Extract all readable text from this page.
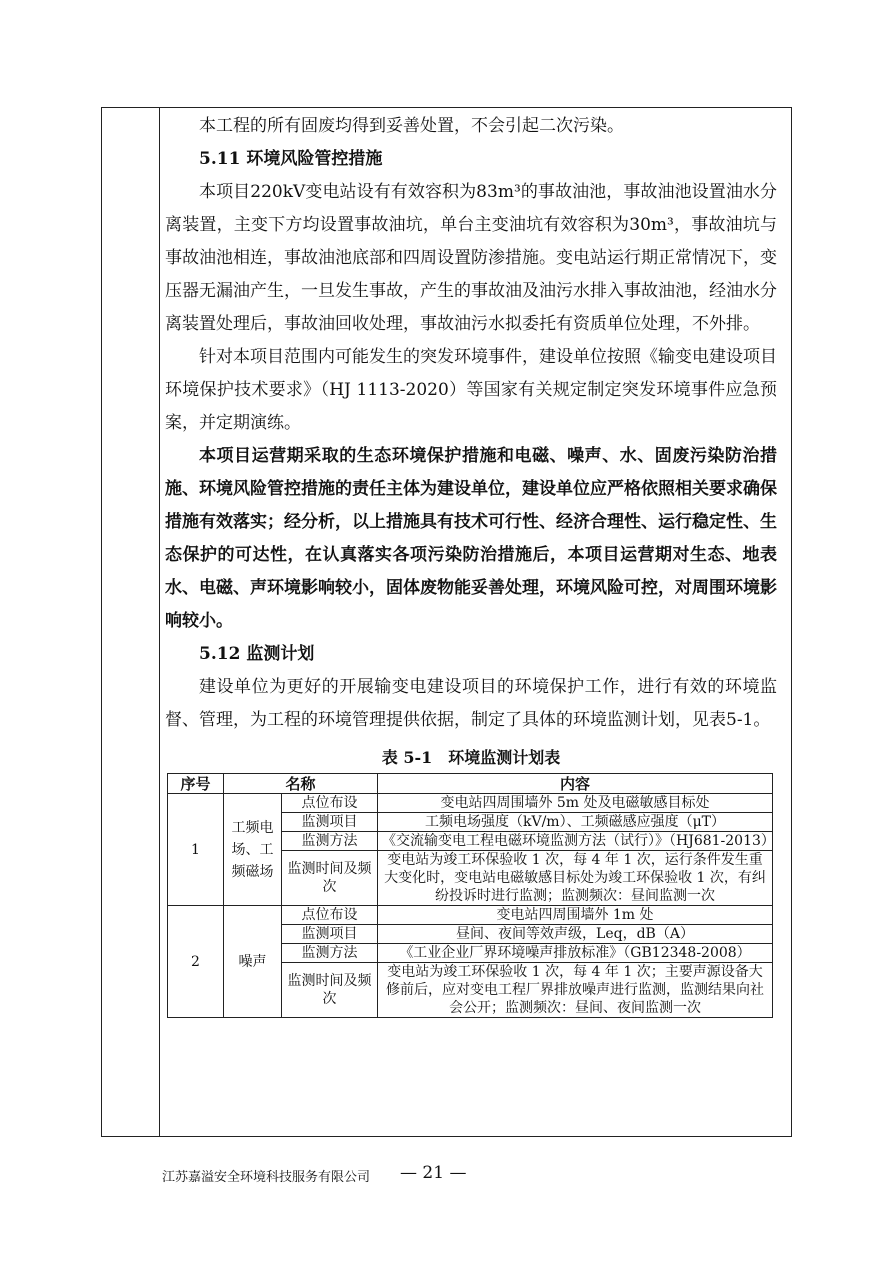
本工程的所有固废均得到妥善处置，不会引起二次污染。

5.11 环境风险管控措施

本项目220kV变电站设有有效容积为83m³的事故油池，事故油池设置油水分离装置，主变下方均设置事故油坑，单台主变油坑有效容积为30m³，事故油坑与事故油池相连，事故油池底部和四周设置防渗措施。变电站运行期正常情况下，变压器无漏油产生，一旦发生事故，产生的事故油及油污水排入事故油池，经油水分离装置处理后，事故油回收处理，事故油污水拟委托有资质单位处理，不外排。

针对本项目范围内可能发生的突发环境事件，建设单位按照《输变电建设项目环境保护技术要求》（HJ 1113-2020）等国家有关规定制定突发环境事件应急预案，并定期演练。

本项目运营期采取的生态环境保护措施和电磁、噪声、水、固废污染防治措施、环境风险管控措施的责任主体为建设单位，建设单位应严格依照相关要求确保措施有效落实；经分析，以上措施具有技术可行性、经济合理性、运行稳定性、生态保护的可达性，在认真落实各项污染防治措施后，本项目运营期对生态、地表水、电磁、声环境影响较小，固体废物能妥善处理，环境风险可控，对周围环境影响较小。

5.12 监测计划

建设单位为更好的开展输变电建设项目的环境保护工作，进行有效的环境监督、管理，为工程的环境管理提供依据，制定了具体的环境监测计划，见表5-1。

表 5-1　环境监测计划表
序号	名称		内容
1	工频电场、工频磁场	点位布设	变电站四周围墙外 5m 处及电磁敏感目标处
		监测项目	工频电场强度（kV/m）、工频磁感应强度（μT）
		监测方法	《交流输变电工程电磁环境监测方法（试行）》（HJ681-2013）
		监测时间及频次	变电站为竣工环保验收 1 次，每 4 年 1 次，运行条件发生重大变化时，变电站电磁敏感目标处为竣工环保验收 1 次，有纠纷投诉时进行监测；监测频次：昼间监测一次
2	噪声	点位布设	变电站四周围墙外 1m 处
		监测项目	昼间、夜间等效声级，Leq，dB（A）
		监测方法	《工业企业厂界环境噪声排放标准》（GB12348-2008）
		监测时间及频次	变电站为竣工环保验收 1 次，每 4 年 1 次；主要声源设备大修前后，应对变电工程厂界排放噪声进行监测，监测结果向社会公开；监测频次：昼间、夜间监测一次
江苏嘉溢安全环境科技服务有限公司 — 21 —
